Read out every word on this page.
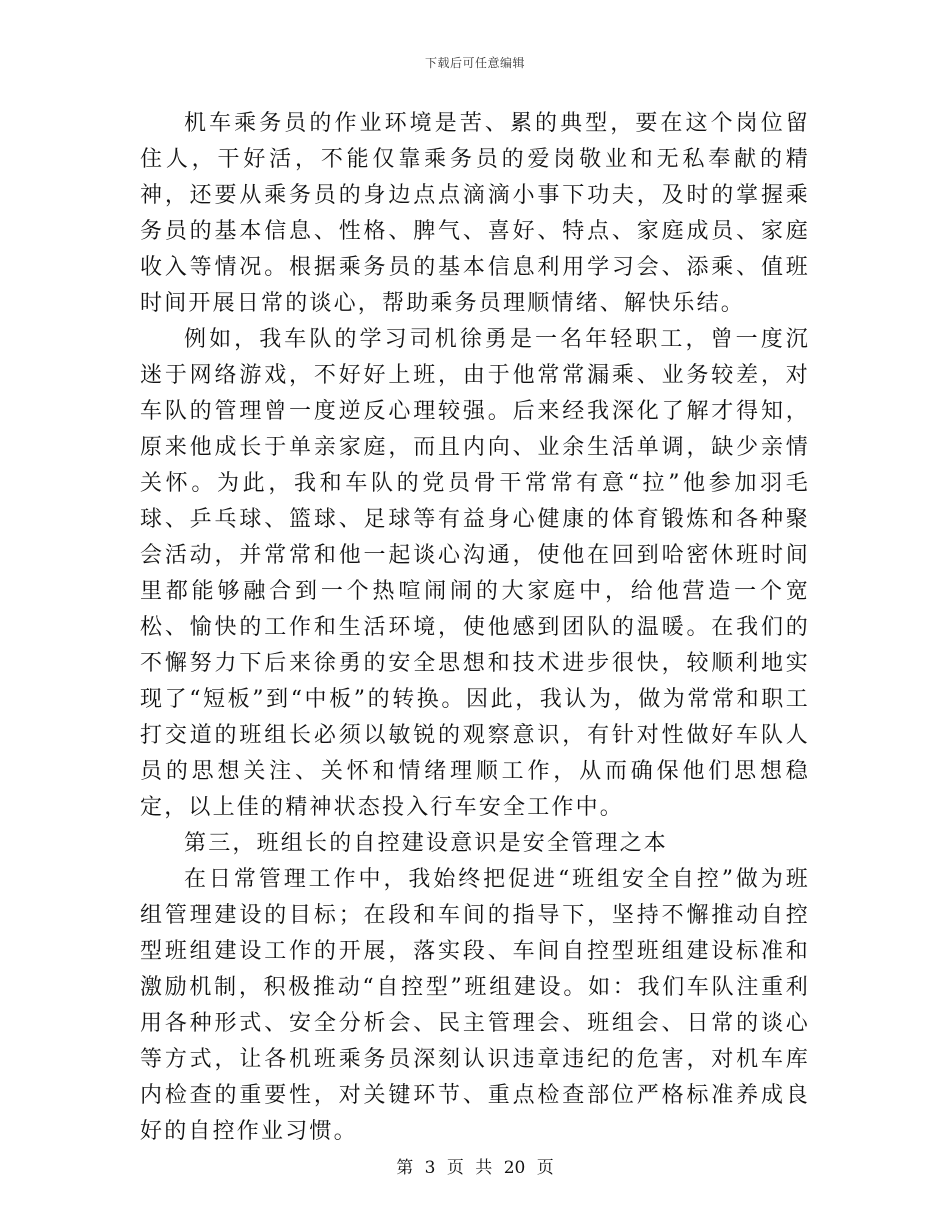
下载后可任意编辑

机车乘务员的作业环境是苦、累的典型，要在这个岗位留住人，干好活，不能仅靠乘务员的爱岗敬业和无私奉献的精神，还要从乘务员的身边点点滴滴小事下功夫，及时的掌握乘务员的基本信息、性格、脾气、喜好、特点、家庭成员、家庭收入等情况。根据乘务员的基本信息利用学习会、添乘、值班时间开展日常的谈心，帮助乘务员理顺情绪、解快乐结。

例如，我车队的学习司机徐勇是一名年轻职工，曾一度沉迷于网络游戏，不好好上班，由于他常常漏乘、业务较差，对车队的管理曾一度逆反心理较强。后来经我深化了解才得知，原来他成长于单亲家庭，而且内向、业余生活单调，缺少亲情关怀。为此，我和车队的党员骨干常常有意“拉”他参加羽毛球、乒乓球、篮球、足球等有益身心健康的体育锻炼和各种聚会活动，并常常和他一起谈心沟通，使他在回到哈密休班时间里都能够融合到一个热喧闹闹的大家庭中，给他营造一个宽松、愉快的工作和生活环境，使他感到团队的温暖。在我们的不懈努力下后来徐勇的安全思想和技术进步很快，较顺利地实现了“短板”到“中板”的转换。因此，我认为，做为常常和职工打交道的班组长必须以敏锐的观察意识，有针对性做好车队人员的思想关注、关怀和情绪理顺工作，从而确保他们思想稳定，以上佳的精神状态投入行车安全工作中。

第三，班组长的自控建设意识是安全管理之本

在日常管理工作中，我始终把促进“班组安全自控”做为班组管理建设的目标；在段和车间的指导下，坚持不懈推动自控型班组建设工作的开展，落实段、车间自控型班组建设标准和激励机制，积极推动“自控型”班组建设。如：我们车队注重利用各种形式、安全分析会、民主管理会、班组会、日常的谈心等方式，让各机班乘务员深刻认识违章违纪的危害，对机车库内检查的重要性，对关键环节、重点检查部位严格标准养成良好的自控作业习惯。

第 3 页 共 20 页
